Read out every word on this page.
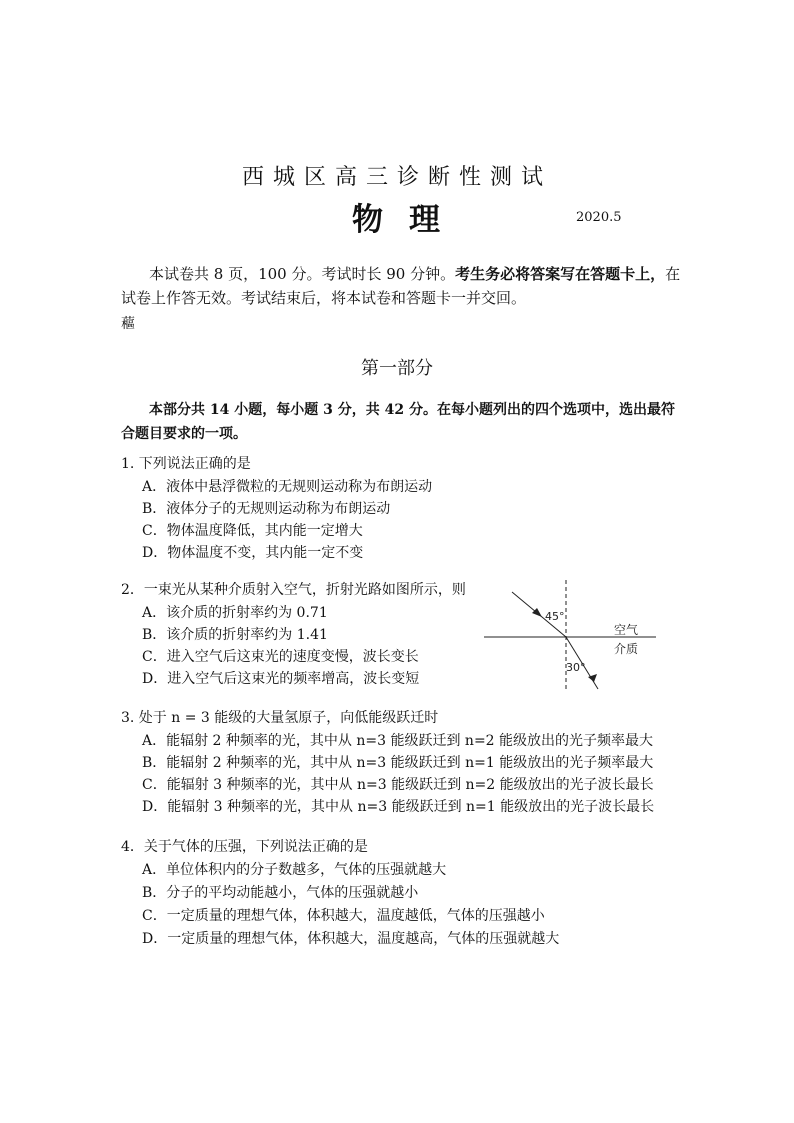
西城区高三诊断性测试
物理	2020.5
本试卷共 8 页，100 分。考试时长 90 分钟。考生务必将答案写在答题卡上，在试卷上作答无效。考试结束后，将本试卷和答题卡一并交回。
藲
第一部分
本部分共 14 小题，每小题 3 分，共 42 分。在每小题列出的四个选项中，选出最符合题目要求的一项。
1. 下列说法正确的是
A．液体中悬浮微粒的无规则运动称为布朗运动
B．液体分子的无规则运动称为布朗运动
C．物体温度降低，其内能一定增大
D．物体温度不变，其内能一定不变
2．一束光从某种介质射入空气，折射光路如图所示，则
A．该介质的折射率约为 0.71
B．该介质的折射率约为 1.41
C．进入空气后这束光的速度变慢，波长变长
D．进入空气后这束光的频率增高，波长变短
45°
30°
空气
介质
3. 处于 n = 3 能级的大量氢原子，向低能级跃迁时
A．能辐射 2 种频率的光，其中从 n=3 能级跃迁到 n=2 能级放出的光子频率最大
B．能辐射 2 种频率的光，其中从 n=3 能级跃迁到 n=1 能级放出的光子频率最大
C．能辐射 3 种频率的光，其中从 n=3 能级跃迁到 n=2 能级放出的光子波长最长
D．能辐射 3 种频率的光，其中从 n=3 能级跃迁到 n=1 能级放出的光子波长最长
4．关于气体的压强，下列说法正确的是
A．单位体积内的分子数越多，气体的压强就越大
B．分子的平均动能越小，气体的压强就越小
C．一定质量的理想气体，体积越大，温度越低，气体的压强越小
D．一定质量的理想气体，体积越大，温度越高，气体的压强就越大
